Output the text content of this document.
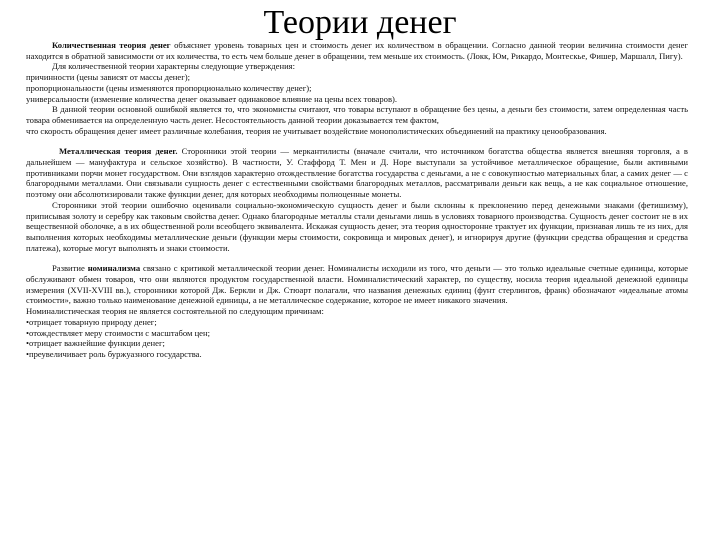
Теории денег

Количественная теория денег объясняет уровень товарных цен и стоимость денег их количеством в обращении. Согласно данной теории величина стоимости денег находится в обратной зависимости от их количества, то есть чем больше денег в обращении, тем меньше их стоимость. (Локк, Юм, Рикардо, Монтескье, Фишер, Маршалл, Пигу).

Для количественной теории характерны следующие утверждения:

причинности (цены зависят от массы денег);

пропорциональности (цены изменяются пропорционально количеству денег);

универсальности (изменение количества денег оказывает одинаковое влияние на цены всех товаров).

В данной теории основной ошибкой является то, что экономисты считают, что товары вступают в обращение без цены, а деньги без стоимости, затем определенная часть товара обменивается на определенную часть денег. Несостоятельность данной теории доказывается тем фактом,

что скорость обращения денег имеет различные колебания, теория не учитывает воздействие монополистических объединений на практику ценообразования.

Металлическая теория денег. Сторонники этой теории — меркантилисты (вначале считали, что источником богатства общества является внешняя торговля, а в дальнейшем — мануфактура и сельское хозяйство). В частности, У. Стаффорд Т. Мен и Д. Норе выступали за устойчивое металлическое обращение, были активными противниками порчи монет государством. Они взглядов характерно отождествление богатства государства с деньгами, а не с совокупностью материальных благ, а самих денег — с благородными металлами. Они связывали сущность денег с естественными свойствами благородных металлов, рассматривали деньги как вещь, а не как социальное отношение, поэтому они абсолютизировали также функции денег, для которых необходимы полноценные монеты.

Сторонники этой теории ошибочно оценивали социально-экономическую сущность денег и были склонны к преклонению перед денежными знаками (фетишизму), приписывая золоту и серебру как таковым свойства денег. Однако благородные металлы стали деньгами лишь в условиях товарного производства. Сущность денег состоит не в их вещественной оболочке, а в их общественной роли всеобщего эквивалента. Искажая сущность денег, эта теория односторонне трактует их функции, признавая лишь те из них, для выполнения которых необходимы металлические деньги (функции меры стоимости, сокровища и мировых денег), и игнорируя другие (функции средства обращения и средства платежа), которые могут выполнять и знаки стоимости.

Развитие номинализма связано с критикой металлической теории денег. Номиналисты исходили из того, что деньги — это только идеальные счетные единицы, которые обслуживают обмен товаров, что они являются продуктом государственной власти. Номиналистический характер, по существу, носила теория идеальной денежной единицы измерения (XVII-XVIII вв.), сторонники которой Дж. Беркли и Дж. Стюарт полагали, что названия денежных единиц (фунт стерлингов, франк) обозначают «идеальные атомы стоимости», важно только наименование денежной единицы, а не металлическое содержание, которое не имеет никакого значения.

Номиналистическая теория не является состоятельной по следующим причинам:

•отрицает товарную природу денег;

•отождествляет меру стоимости с масштабом цен;

•отрицает важнейшие функции денег;

•преувеличивает роль буржуазного государства.
